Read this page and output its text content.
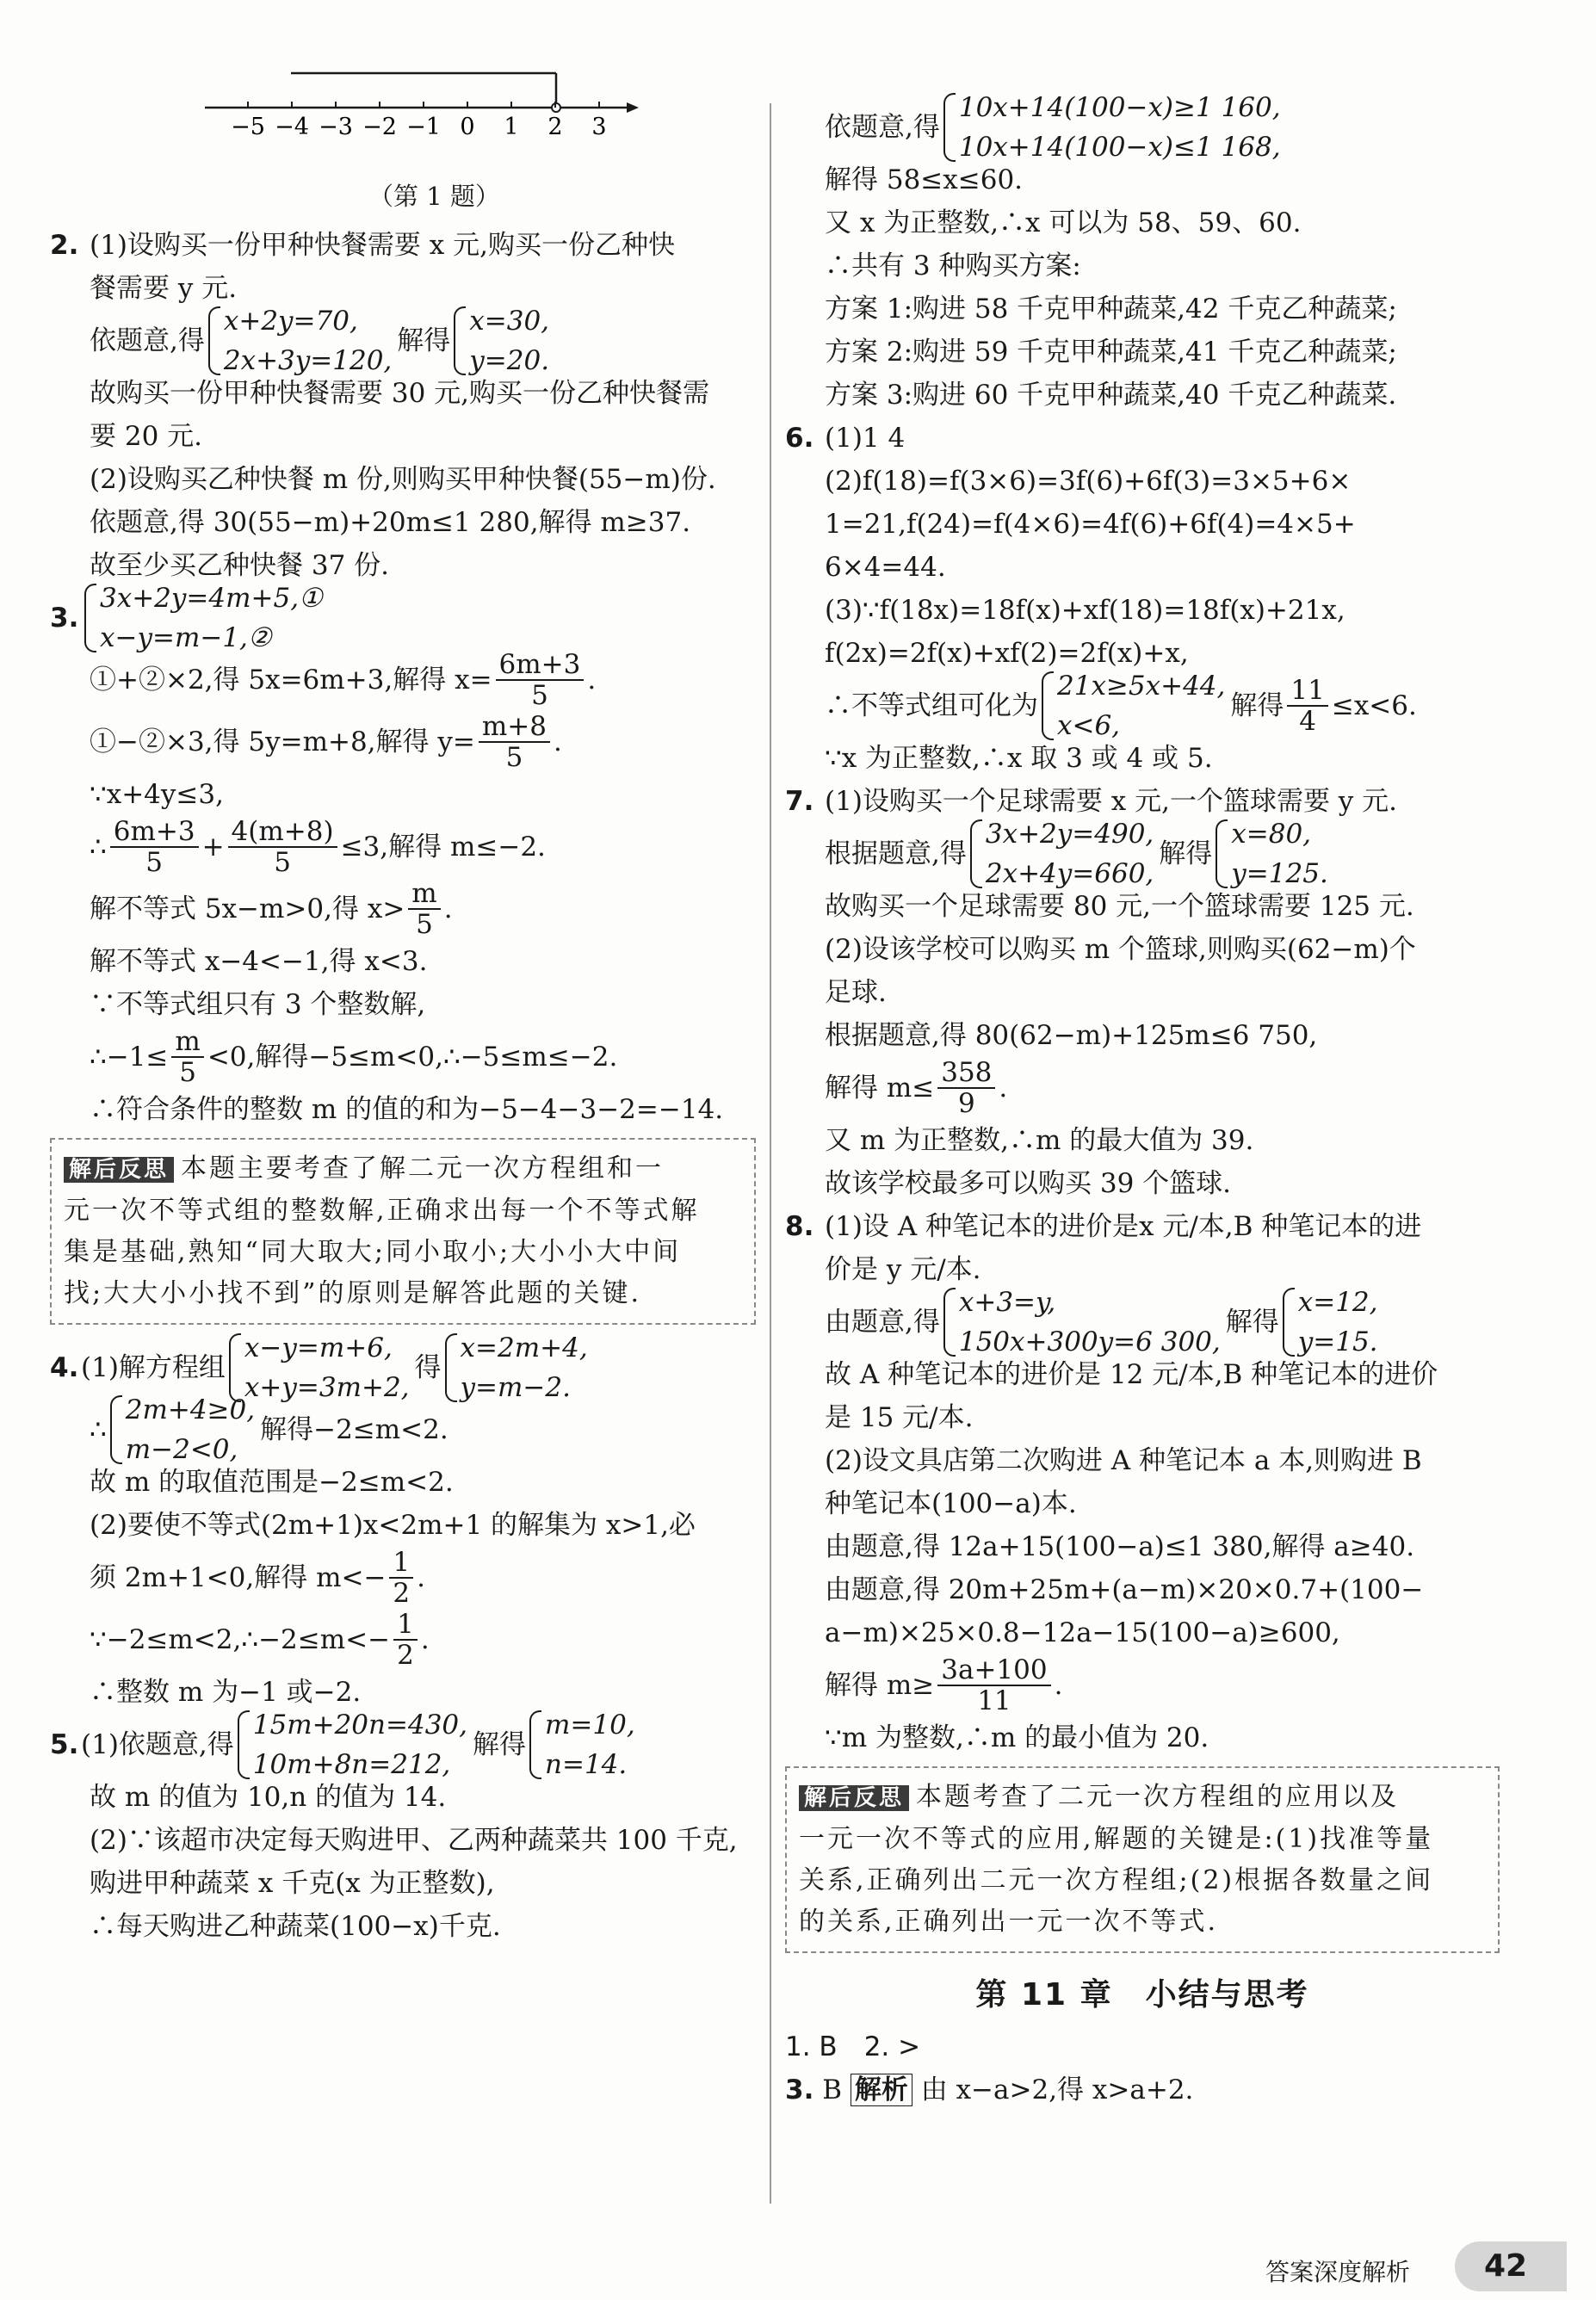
−5 −4 −3 −2 −1 0 1 2 3
（第 1 题）

2. (1)设购买一份甲种快餐需要 x 元,购买一份乙种快

餐需要 y 元.

依题意,得
x+2y=70,
2x+3y=120,
解得
x=30,
y=20.

故购买一份甲种快餐需要 30 元,购买一份乙种快餐需

要 20 元.

(2)设购买乙种快餐 m 份,则购买甲种快餐(55−m)份.

依题意,得 30(55−m)+20m≤1 280,解得 m≥37.

故至少买乙种快餐 37 份.

3.
3x+2y=4m+5,①
x−y=m−1,②
①+②×2,得 5x=6m+3,解得 $x= \frac{6m+3}{5}$ .
①−②×3,得 5y=m+8,解得 $y= \frac{m+8}{5}$ .

∵x+4y≤3,

∴ $\frac{6m+3}{5} + \frac{4(m+8)}{5} \le 3$,解得 m≤−2.
解不等式 5x−m>0,得 $x> \frac{m}{5}$ .

解不等式 x−4<−1,得 x<3.

∵不等式组只有 3 个整数解,

∴−1≤ $\frac{m}{5} <0$,解得−5≤m<0,∴−5≤m≤−2.

∴符合条件的整数 m 的值的和为−5−4−3−2=−14.

解后反思 本题主要考查了解二元一次方程组和一

元一次不等式组的整数解,正确求出每一个不等式解

集是基础,熟知“同大取大;同小取小;大小小大中间

找;大大小小找不到”的原则是解答此题的关键.

4. (1)解方程组
x−y=m+6,
x+y=3m+2,
得
x=2m+4,
y=m−2.
∴
2m+4≥0,
m−2<0,
解得−2≤m<2.

故 m 的取值范围是−2≤m<2.

(2)要使不等式(2m+1)x<2m+1 的解集为 x>1,必

须 2m+1<0,解得 $m<- \frac{1}{2}$ .
∵−2≤m<2,∴−2≤m<− $\frac{1}{2}$ .

∴整数 m 为−1 或−2.

5. (1)依题意,得
15m+20n=430,
10m+8n=212,
解得
m=10,
n=14.

故 m 的值为 10,n 的值为 14.

(2)∵该超市决定每天购进甲、乙两种蔬菜共 100 千克,

购进甲种蔬菜 x 千克(x 为正整数),

∴每天购进乙种蔬菜(100−x)千克.

依题意,得
10x+14(100−x)≥1 160,
10x+14(100−x)≤1 168,

解得 58≤x≤60.

又 x 为正整数,∴x 可以为 58、59、60.

∴共有 3 种购买方案:

方案 1:购进 58 千克甲种蔬菜,42 千克乙种蔬菜;

方案 2:购进 59 千克甲种蔬菜,41 千克乙种蔬菜;

方案 3:购进 60 千克甲种蔬菜,40 千克乙种蔬菜.

6. (1)1 4

(2)f(18)=f(3×6)=3f(6)+6f(3)=3×5+6×

1=21,f(24)=f(4×6)=4f(6)+6f(4)=4×5+

6×4=44.

(3)∵f(18x)=18f(x)+xf(18)=18f(x)+21x,

f(2x)=2f(x)+xf(2)=2f(x)+x,

∴不等式组可化为
21x≥5x+44,
x<6,
解得 $\frac{11}{4} \le x<6$.

∵x 为正整数,∴x 取 3 或 4 或 5.

7. (1)设购买一个足球需要 x 元,一个篮球需要 y 元.

根据题意,得
3x+2y=490,
2x+4y=660,
解得
x=80,
y=125.

故购买一个足球需要 80 元,一个篮球需要 125 元.

(2)设该学校可以购买 m 个篮球,则购买(62−m)个

足球.

根据题意,得 80(62−m)+125m≤6 750,

解得 $m\le \frac{358}{9}$ .

又 m 为正整数,∴m 的最大值为 39.

故该学校最多可以购买 39 个篮球.

8. (1)设 A 种笔记本的进价是x 元/本,B 种笔记本的进

价是 y 元/本.

由题意,得
x+3=y,
150x+300y=6 300,
解得
x=12,
y=15.

故 A 种笔记本的进价是 12 元/本,B 种笔记本的进价

是 15 元/本.

(2)设文具店第二次购进 A 种笔记本 a 本,则购进 B

种笔记本(100−a)本.

由题意,得 12a+15(100−a)≤1 380,解得 a≥40.

由题意,得 20m+25m+(a−m)×20×0.7+(100−

a−m)×25×0.8−12a−15(100−a)≥600,

解得 $m\ge \frac{3a+100}{11}$ .

∵m 为整数,∴m 的最小值为 20.

解后反思 本题考查了二元一次方程组的应用以及

一元一次不等式的应用,解题的关键是:(1)找准等量

关系,正确列出二元一次方程组;(2)根据各数量之间

的关系,正确列出一元一次不等式.

第 11 章　小结与思考

1. B　2. >

3. B 解析 由 x−a>2,得 x>a+2.

答案深度解析	42
